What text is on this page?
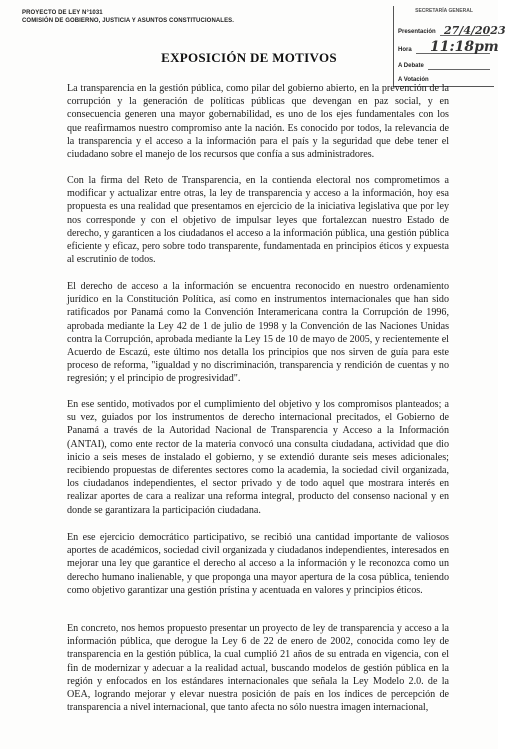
PROYECTO DE LEY N°1031
COMISIÓN DE GOBIERNO, JUSTICIA Y ASUNTOS CONSTITUCIONALES.
SECRETARÍA GENERAL
Presentación 27/4/2023
Hora 11:18pm
A Debate
A Votación
EXPOSICIÓN DE MOTIVOS

La transparencia en la gestión pública, como pilar del gobierno abierto, en la prevención de la corrupción y la generación de políticas públicas que devengan en paz social, y en consecuencia generen una mayor gobernabilidad, es uno de los ejes fundamentales con los que reafirmamos nuestro compromiso ante la nación. Es conocido por todos, la relevancia de la transparencia y el acceso a la información para el país y la seguridad que debe tener el ciudadano sobre el manejo de los recursos que confía a sus administradores.

Con la firma del Reto de Transparencia, en la contienda electoral nos comprometimos a modificar y actualizar entre otras, la ley de transparencia y acceso a la información, hoy esa propuesta es una realidad que presentamos en ejercicio de la iniciativa legislativa que por ley nos corresponde y con el objetivo de impulsar leyes que fortalezcan nuestro Estado de derecho, y garanticen a los ciudadanos el acceso a la información pública, una gestión pública eficiente y eficaz, pero sobre todo transparente, fundamentada en principios éticos y expuesta al escrutinio de todos.

El derecho de acceso a la información se encuentra reconocido en nuestro ordenamiento jurídico en la Constitución Política, así como en instrumentos internacionales que han sido ratificados por Panamá como la Convención Interamericana contra la Corrupción de 1996, aprobada mediante la Ley 42 de 1 de julio de 1998 y la Convención de las Naciones Unidas contra la Corrupción, aprobada mediante la Ley 15 de 10 de mayo de 2005, y recientemente el Acuerdo de Escazú, este último nos detalla los principios que nos sirven de guía para este proceso de reforma, "igualdad y no discriminación, transparencia y rendición de cuentas y no regresión; y el principio de progresividad".

En ese sentido, motivados por el cumplimiento del objetivo y los compromisos planteados; a su vez, guiados por los instrumentos de derecho internacional precitados, el Gobierno de Panamá a través de la Autoridad Nacional de Transparencia y Acceso a la Información (ANTAI), como ente rector de la materia convocó una consulta ciudadana, actividad que dio inicio a seis meses de instalado el gobierno, y se extendió durante seis meses adicionales; recibiendo propuestas de diferentes sectores como la academia, la sociedad civil organizada, los ciudadanos independientes, el sector privado y de todo aquel que mostrara interés en realizar aportes de cara a realizar una reforma integral, producto del consenso nacional y en donde se garantizara la participación ciudadana.

En ese ejercicio democrático participativo, se recibió una cantidad importante de valiosos aportes de académicos, sociedad civil organizada y ciudadanos independientes, interesados en mejorar una ley que garantice el derecho al acceso a la información y le reconozca como un derecho humano inalienable, y que proponga una mayor apertura de la cosa pública, teniendo como objetivo garantizar una gestión prístina y acentuada en valores y principios éticos.

En concreto, nos hemos propuesto presentar un proyecto de ley de transparencia y acceso a la información pública, que derogue la Ley 6 de 22 de enero de 2002, conocida como ley de transparencia en la gestión pública, la cual cumplió 21 años de su entrada en vigencia, con el fin de modernizar y adecuar a la realidad actual, buscando modelos de gestión pública en la región y enfocados en los estándares internacionales que señala la Ley Modelo 2.0. de la OEA, logrando mejorar y elevar nuestra posición de país en los índices de percepción de transparencia a nivel internacional, que tanto afecta no sólo nuestra imagen internacional,
